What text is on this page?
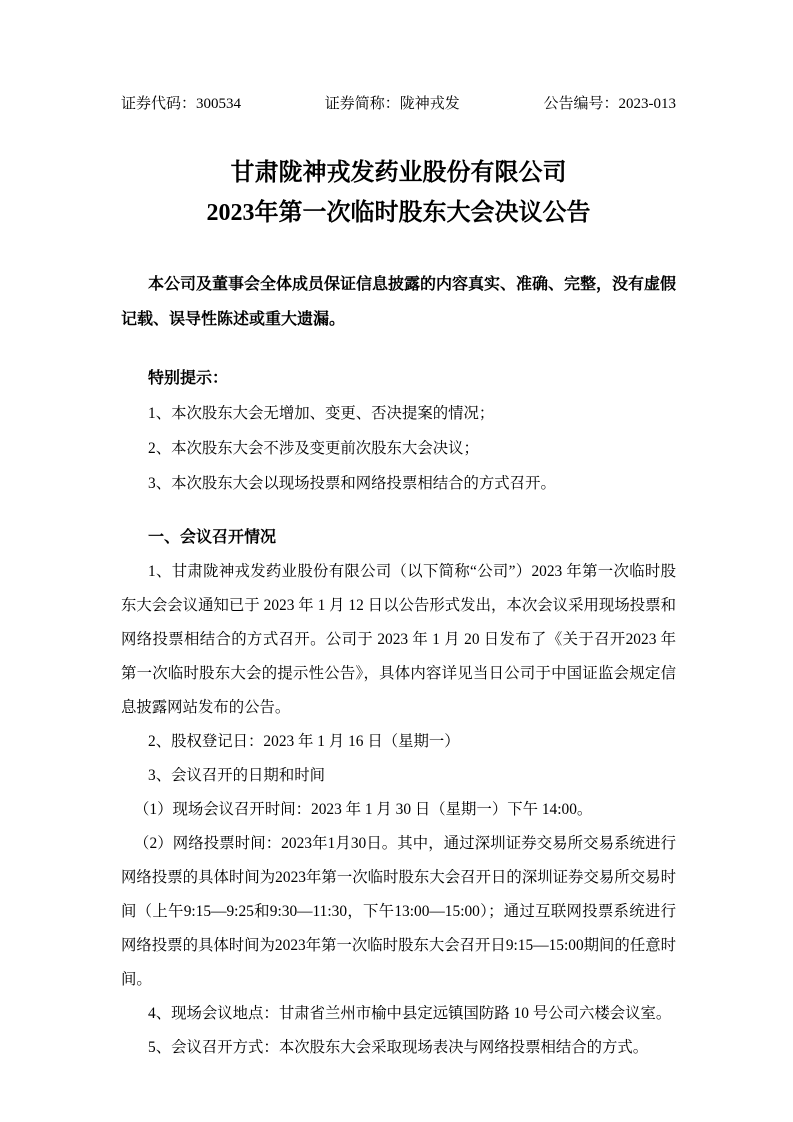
证券代码：300534	证券简称：陇神戎发	公告编号：2023-013
甘肃陇神戎发药业股份有限公司
2023年第一次临时股东大会决议公告

本公司及董事会全体成员保证信息披露的内容真实、准确、完整，没有虚假记载、误导性陈述或重大遗漏。

特别提示：

1、本次股东大会无增加、变更、否决提案的情况；

2、本次股东大会不涉及变更前次股东大会决议；

3、本次股东大会以现场投票和网络投票相结合的方式召开。

一、会议召开情况

1、甘肃陇神戎发药业股份有限公司（以下简称“公司”）2023 年第一次临时股东大会会议通知已于 2023 年 1 月 12 日以公告形式发出，本次会议采用现场投票和网络投票相结合的方式召开。公司于 2023 年 1 月 20 日发布了《关于召开2023 年第一次临时股东大会的提示性公告》，具体内容详见当日公司于中国证监会规定信息披露网站发布的公告。

2、股权登记日：2023 年 1 月 16 日（星期一）

3、会议召开的日期和时间

（1）现场会议召开时间：2023 年 1 月 30 日（星期一）下午 14:00。

（2）网络投票时间：2023年1月30日。其中，通过深圳证券交易所交易系统进行网络投票的具体时间为2023年第一次临时股东大会召开日的深圳证券交易所交易时间（上午9:15—9:25和9:30—11:30，下午13:00—15:00）；通过互联网投票系统进行网络投票的具体时间为2023年第一次临时股东大会召开日9:15—15:00期间的任意时间。

4、现场会议地点：甘肃省兰州市榆中县定远镇国防路 10 号公司六楼会议室。

5、会议召开方式：本次股东大会采取现场表决与网络投票相结合的方式。
